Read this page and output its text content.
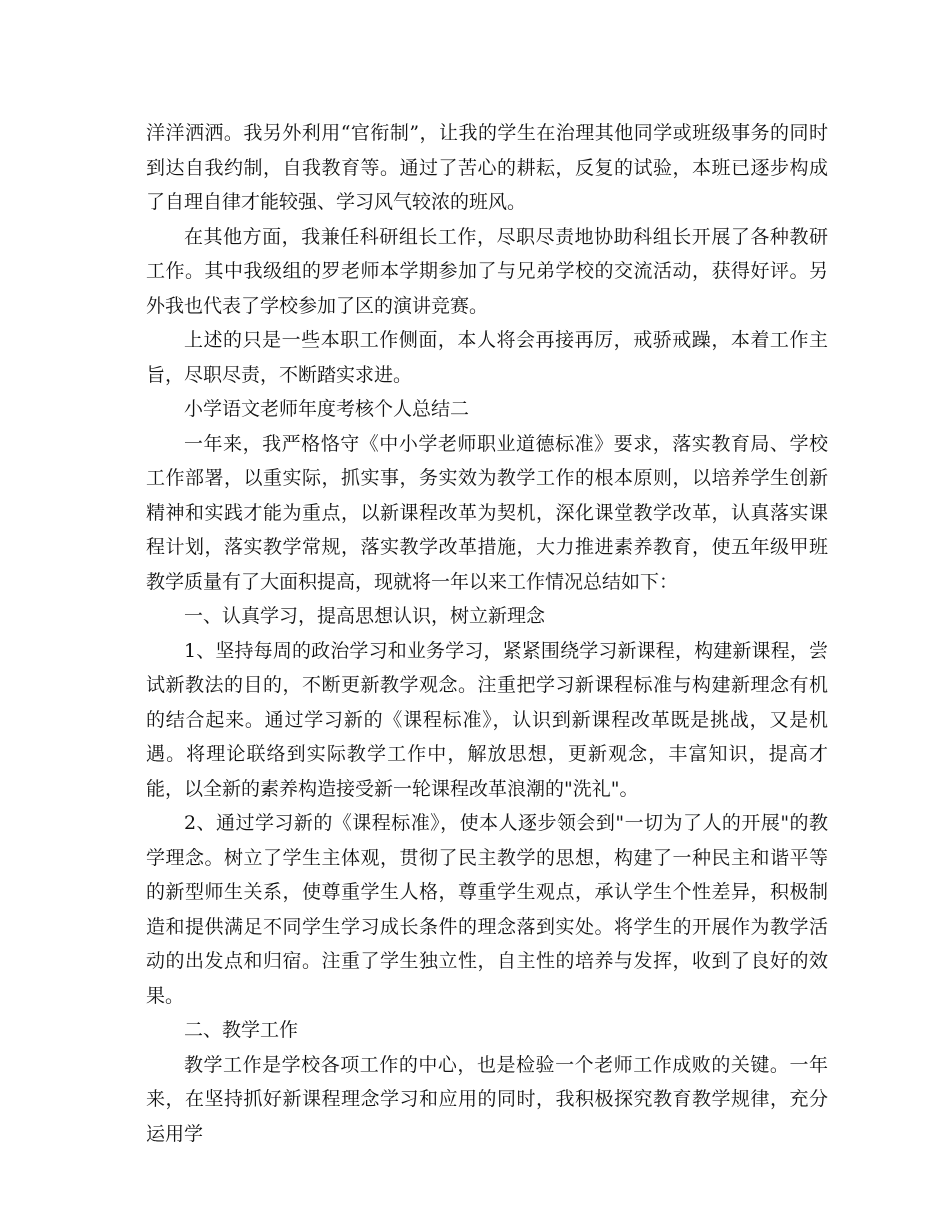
洋洋洒洒。我另外利用“官衔制”，让我的学生在治理其他同学或班级事务的同时到达自我约制，自我教育等。通过了苦心的耕耘，反复的试验，本班已逐步构成了自理自律才能较强、学习风气较浓的班风。

在其他方面，我兼任科研组长工作，尽职尽责地协助科组长开展了各种教研工作。其中我级组的罗老师本学期参加了与兄弟学校的交流活动，获得好评。另外我也代表了学校参加了区的演讲竞赛。

上述的只是一些本职工作侧面，本人将会再接再厉，戒骄戒躁，本着工作主旨，尽职尽责，不断踏实求进。

小学语文老师年度考核个人总结二

一年来，我严格恪守《中小学老师职业道德标准》要求，落实教育局、学校工作部署，以重实际，抓实事，务实效为教学工作的根本原则，以培养学生创新精神和实践才能为重点，以新课程改革为契机，深化课堂教学改革，认真落实课程计划，落实教学常规，落实教学改革措施，大力推进素养教育，使五年级甲班教学质量有了大面积提高，现就将一年以来工作情况总结如下：

一、认真学习，提高思想认识，树立新理念

1、坚持每周的政治学习和业务学习，紧紧围绕学习新课程，构建新课程，尝试新教法的目的，不断更新教学观念。注重把学习新课程标准与构建新理念有机的结合起来。通过学习新的《课程标准》，认识到新课程改革既是挑战，又是机遇。将理论联络到实际教学工作中，解放思想，更新观念，丰富知识，提高才能，以全新的素养构造接受新一轮课程改革浪潮的"洗礼"。

2、通过学习新的《课程标准》，使本人逐步领会到"一切为了人的开展"的教学理念。树立了学生主体观，贯彻了民主教学的思想，构建了一种民主和谐平等的新型师生关系，使尊重学生人格，尊重学生观点，承认学生个性差异，积极制造和提供满足不同学生学习成长条件的理念落到实处。将学生的开展作为教学活动的出发点和归宿。注重了学生独立性，自主性的培养与发挥，收到了良好的效果。

二、教学工作

教学工作是学校各项工作的中心，也是检验一个老师工作成败的关键。一年来，在坚持抓好新课程理念学习和应用的同时，我积极探究教育教学规律，充分运用学
